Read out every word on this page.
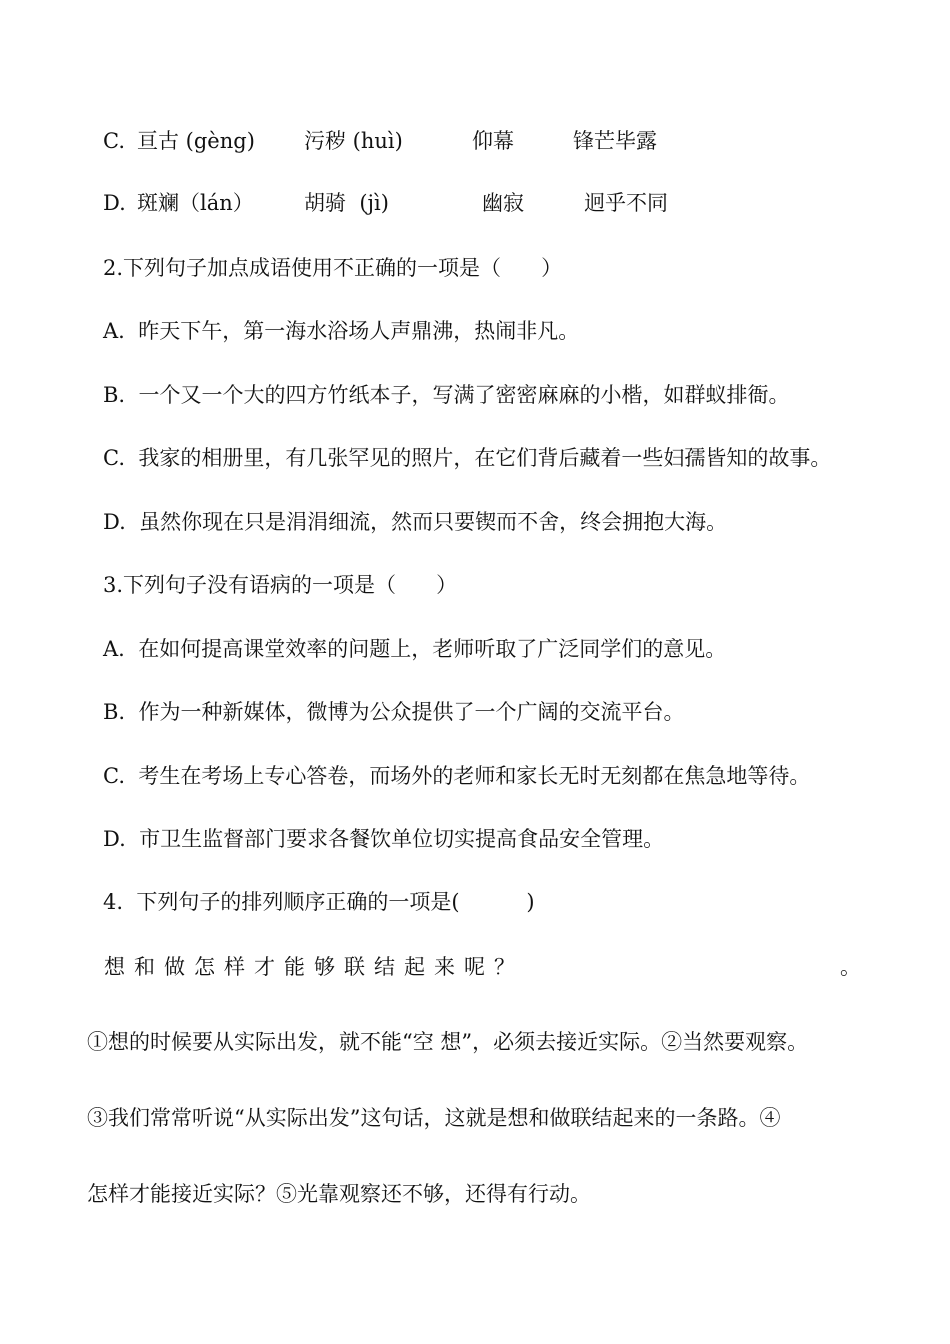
C. 亘古 (gèng) 污秽 (huì)	仰幕	锋芒毕露
D. 斑斓（lán） 胡骑  (jì)	幽寂	迥乎不同
2.下列句子加点成语使用不正确的一项是（      ）
A.  昨天下午，第一海水浴场人声鼎沸，热闹非凡。
B.  一个又一个大的四方竹纸本子，写满了密密麻麻的小楷，如群蚁排衙。
C.  我家的相册里，有几张罕见的照片，在它们背后藏着一些妇孺皆知的故事。
D.  虽然你现在只是涓涓细流，然而只要锲而不舍，终会拥抱大海。
3.下列句子没有语病的一项是（      ）
A.  在如何提高课堂效率的问题上，老师听取了广泛同学们的意见。
B.  作为一种新媒体，微博为公众提供了一个广阔的交流平台。
C.  考生在考场上专心答卷，而场外的老师和家长无时无刻都在焦急地等待。
D.  市卫生监督部门要求各餐饮单位切实提高食品安全管理。
4.  下列句子的排列顺序正确的一项是(          )
想和做怎样才能够联结起来呢？	。
①想的时候要从实际出发，就不能“空 想”，必须去接近实际。②当然要观察。
③我们常常听说“从实际出发”这句话，这就是想和做联结起来的一条路。④
怎样才能接近实际？⑤光靠观察还不够，还得有行动。
